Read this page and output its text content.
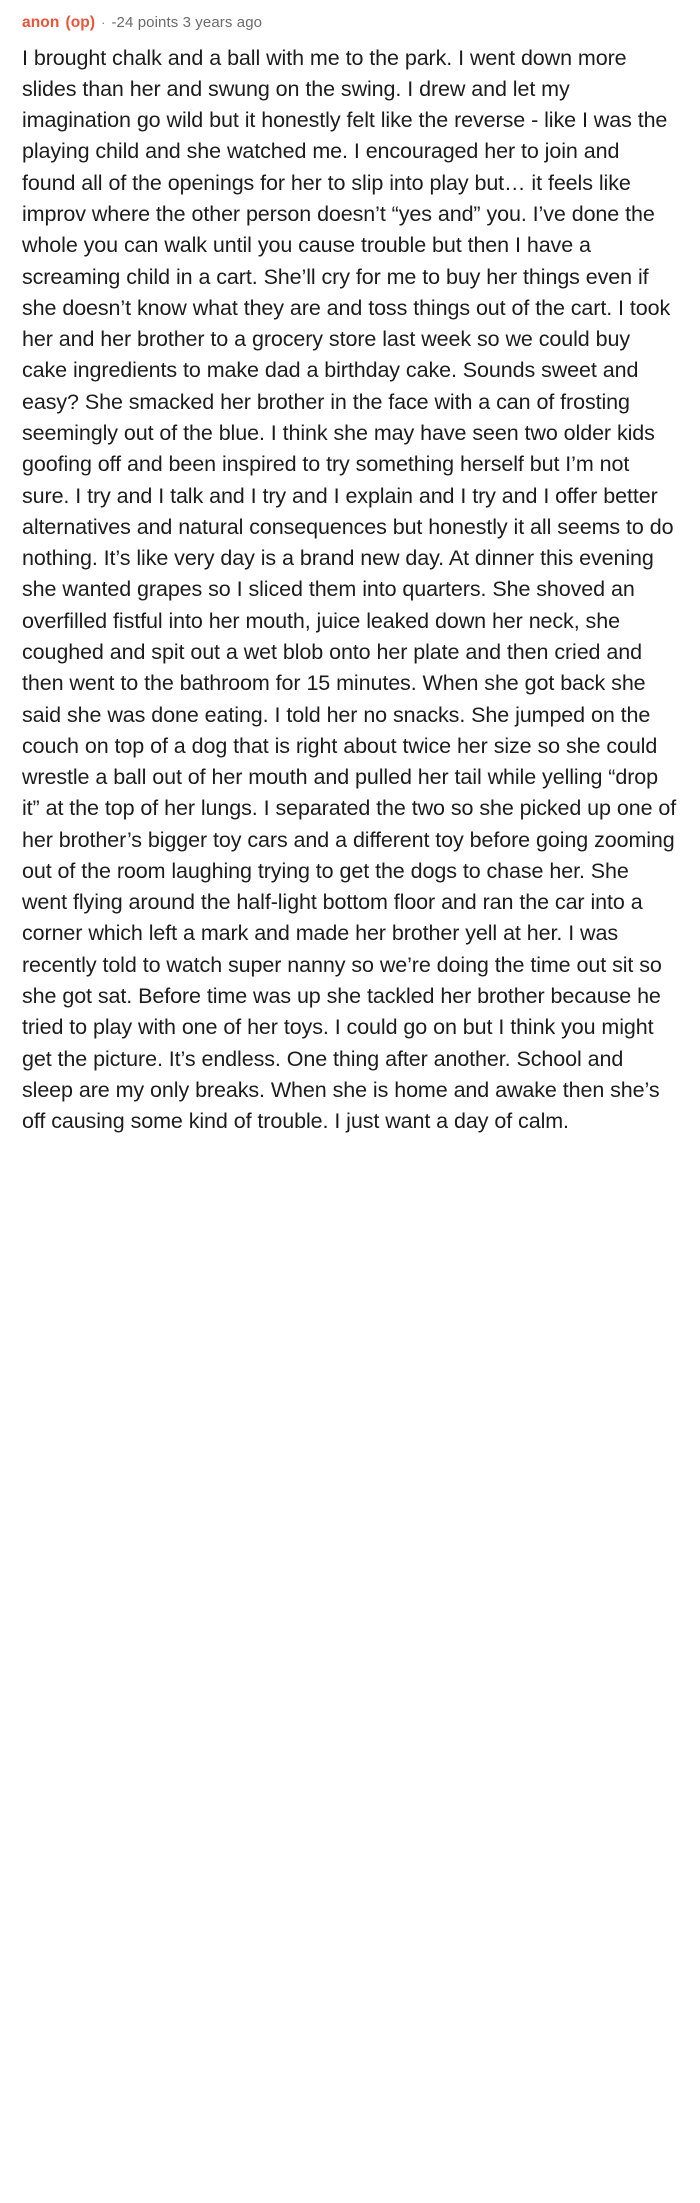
anon (op) · -24 points 3 years ago

I brought chalk and a ball with me to the park. I went down more slides than her and swung on the swing. I drew and let my imagination go wild but it honestly felt like the reverse - like I was the playing child and she watched me. I encouraged her to join and found all of the openings for her to slip into play but… it feels like improv where the other person doesn’t “yes and” you. I’ve done the whole you can walk until you cause trouble but then I have a screaming child in a cart. She’ll cry for me to buy her things even if she doesn’t know what they are and toss things out of the cart. I took her and her brother to a grocery store last week so we could buy cake ingredients to make dad a birthday cake. Sounds sweet and easy? She smacked her brother in the face with a can of frosting seemingly out of the blue. I think she may have seen two older kids goofing off and been inspired to try something herself but I’m not sure. I try and I talk and I try and I explain and I try and I offer better alternatives and natural consequences but honestly it all seems to do nothing. It’s like very day is a brand new day. At dinner this evening she wanted grapes so I sliced them into quarters. She shoved an overfilled fistful into her mouth, juice leaked down her neck, she coughed and spit out a wet blob onto her plate and then cried and then went to the bathroom for 15 minutes. When she got back she said she was done eating. I told her no snacks. She jumped on the couch on top of a dog that is right about twice her size so she could wrestle a ball out of her mouth and pulled her tail while yelling “drop it” at the top of her lungs. I separated the two so she picked up one of her brother’s bigger toy cars and a different toy before going zooming out of the room laughing trying to get the dogs to chase her. She went flying around the half-light bottom floor and ran the car into a corner which left a mark and made her brother yell at her. I was recently told to watch super nanny so we’re doing the time out sit so she got sat. Before time was up she tackled her brother because he tried to play with one of her toys. I could go on but I think you might get the picture. It’s endless. One thing after another. School and sleep are my only breaks. When she is home and awake then she’s off causing some kind of trouble. I just want a day of calm.
